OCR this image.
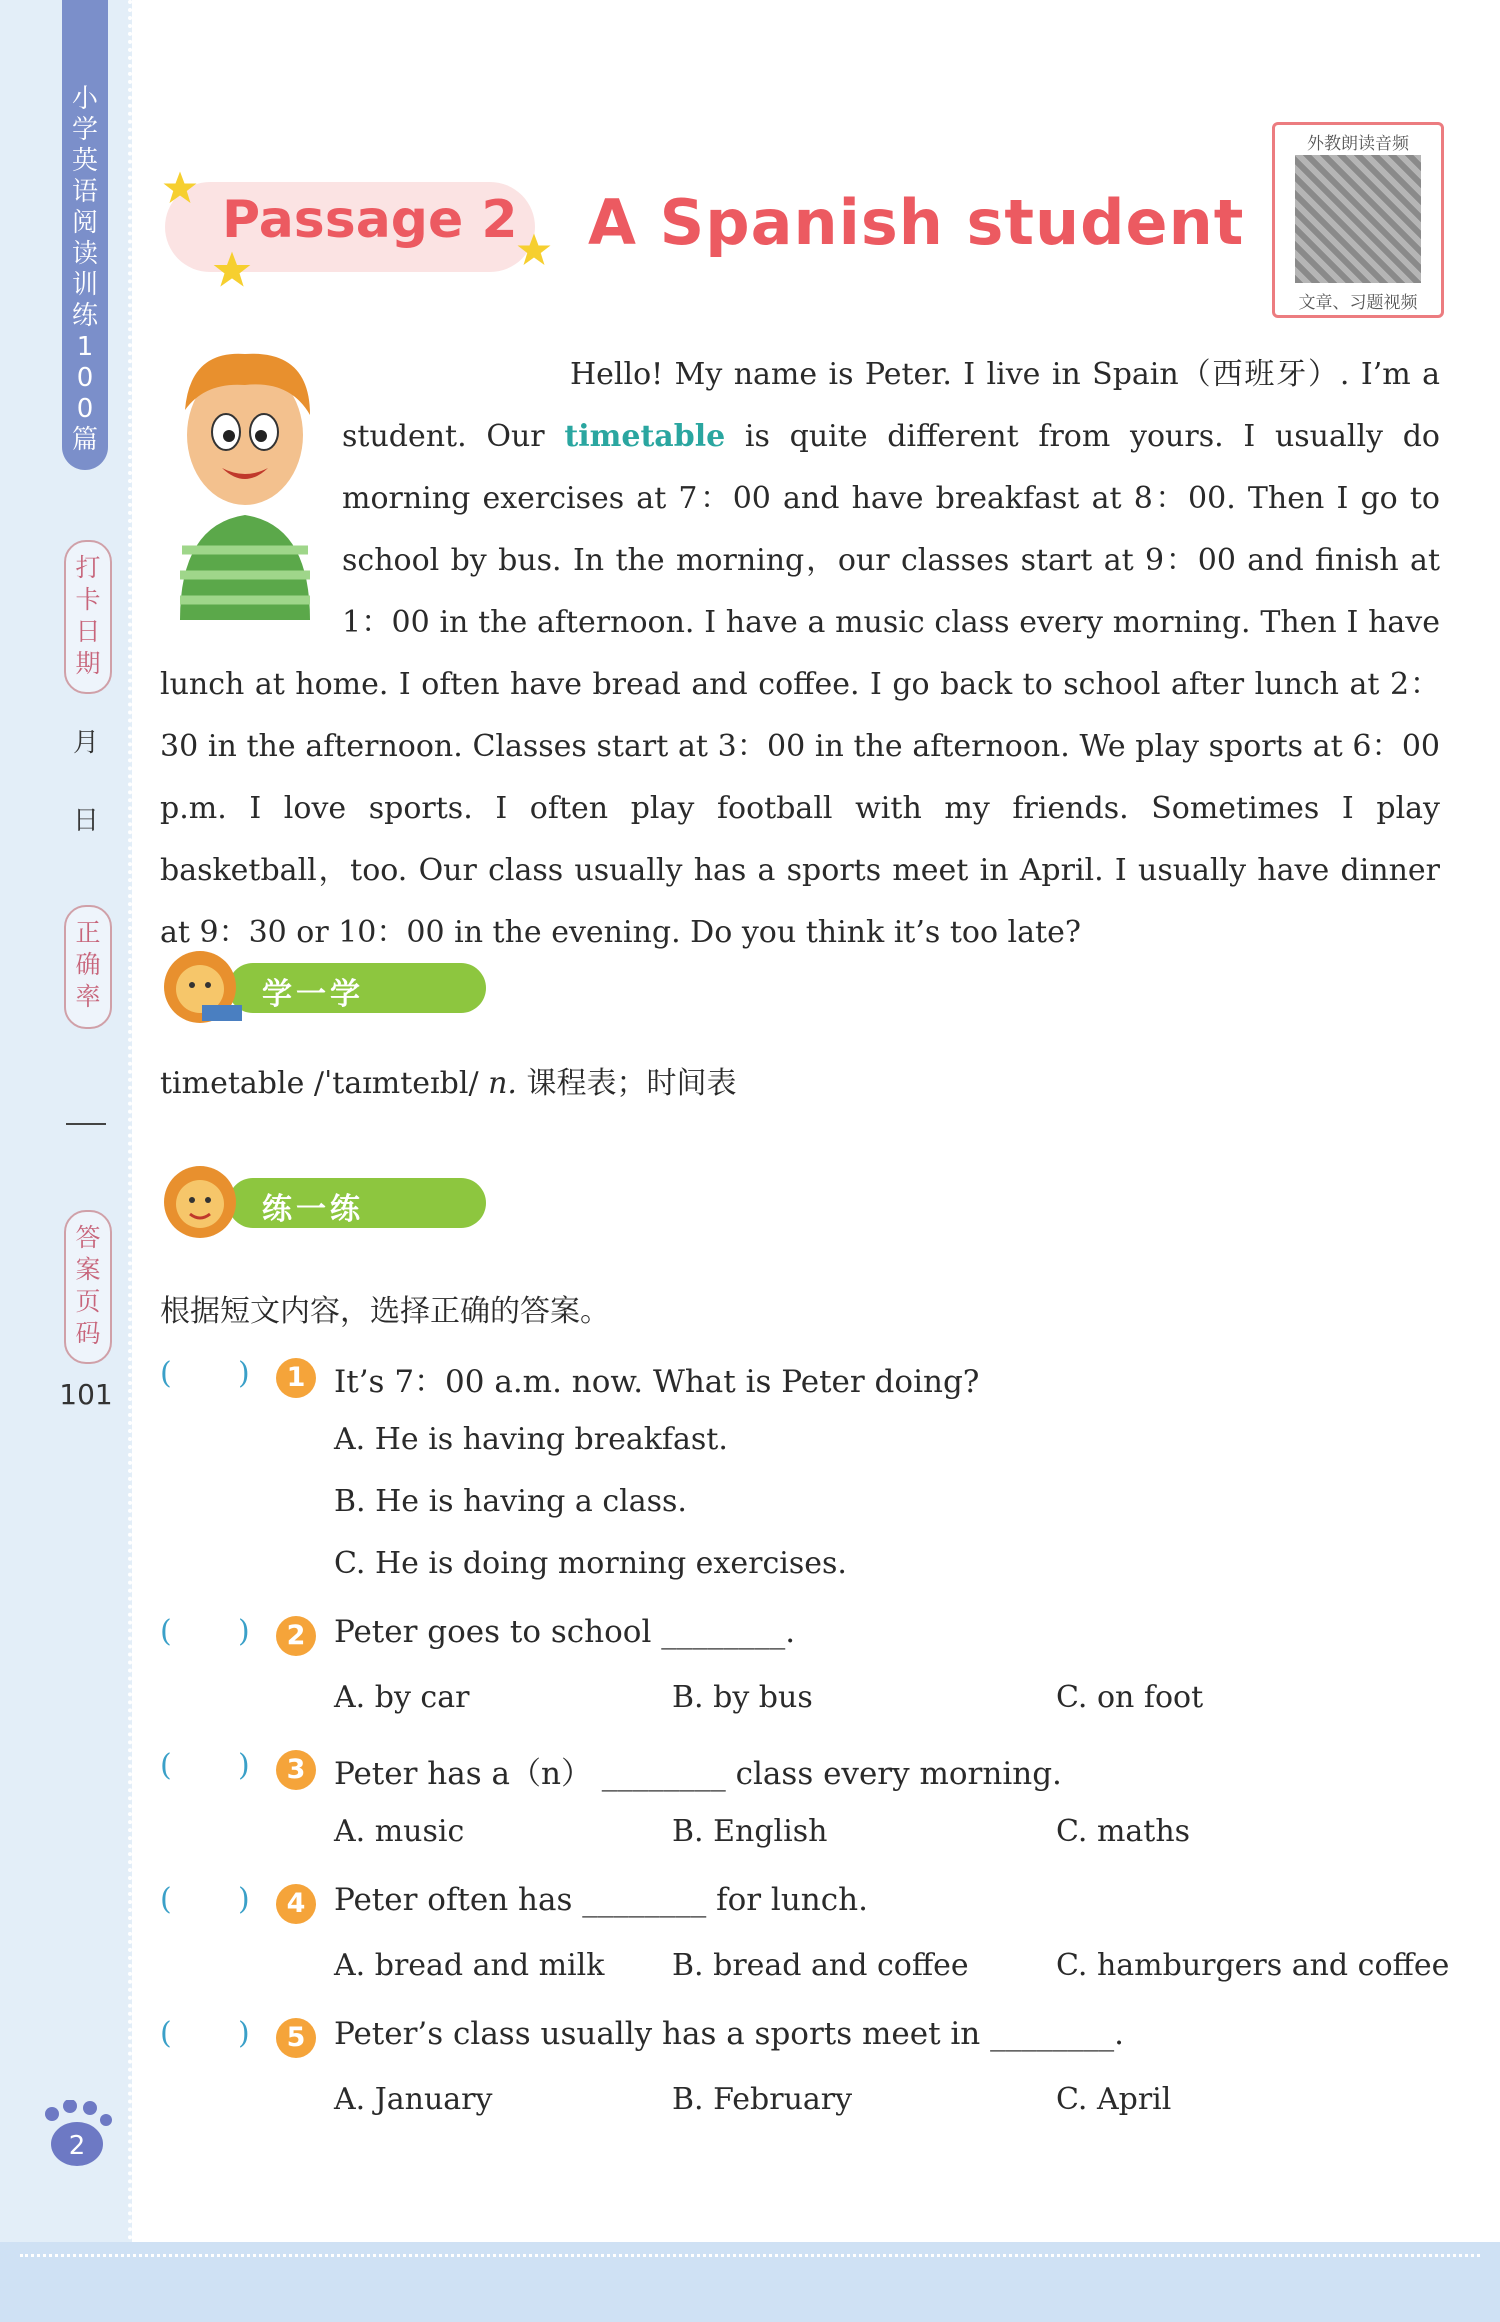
小学英语阅读训练100篇
打卡日期
月
日
正确率
答案页码
101
2
Passage 2 A Spanish student
外教朗读音频
文章、习题视频
Hello! My name is Peter. I live in Spain（西班牙）. I’m a student. Our timetable is quite different from yours. I usually do morning exercises at 7：00 and have breakfast at 8：00. Then I go to school by bus. In the morning，our classes start at 9：00 and finish at 1：00 in the afternoon. I have a music class every morning. Then I have lunch at home. I often have bread and coffee. I go back to school after lunch at 2：30 in the afternoon. Classes start at 3：00 in the afternoon. We play sports at 6：00 p.m. I love sports. I often play football with my friends. Sometimes I play basketball，too. Our class usually has a sports meet in April. I usually have dinner at 9：30 or 10：00 in the evening. Do you think it’s too late?
学一学
timetable /ˈtaɪmteɪbl/ n. 课程表；时间表
练一练
根据短文内容，选择正确的答案。
( )	1 It’s 7：00 a.m. now. What is Peter doing?
A. He is having breakfast.
B. He is having a class.
C. He is doing morning exercises.
( )	2 Peter goes to school ________.
A. by car	B. by bus	C. on foot
( )	3 Peter has a（n） ________ class every morning.
A. music	B. English	C. maths
( )	4 Peter often has ________ for lunch.
A. bread and milk B. bread and coffee	C. hamburgers and coffee
( )	5 Peter’s class usually has a sports meet in ________.
A. January	B. February	C. April
